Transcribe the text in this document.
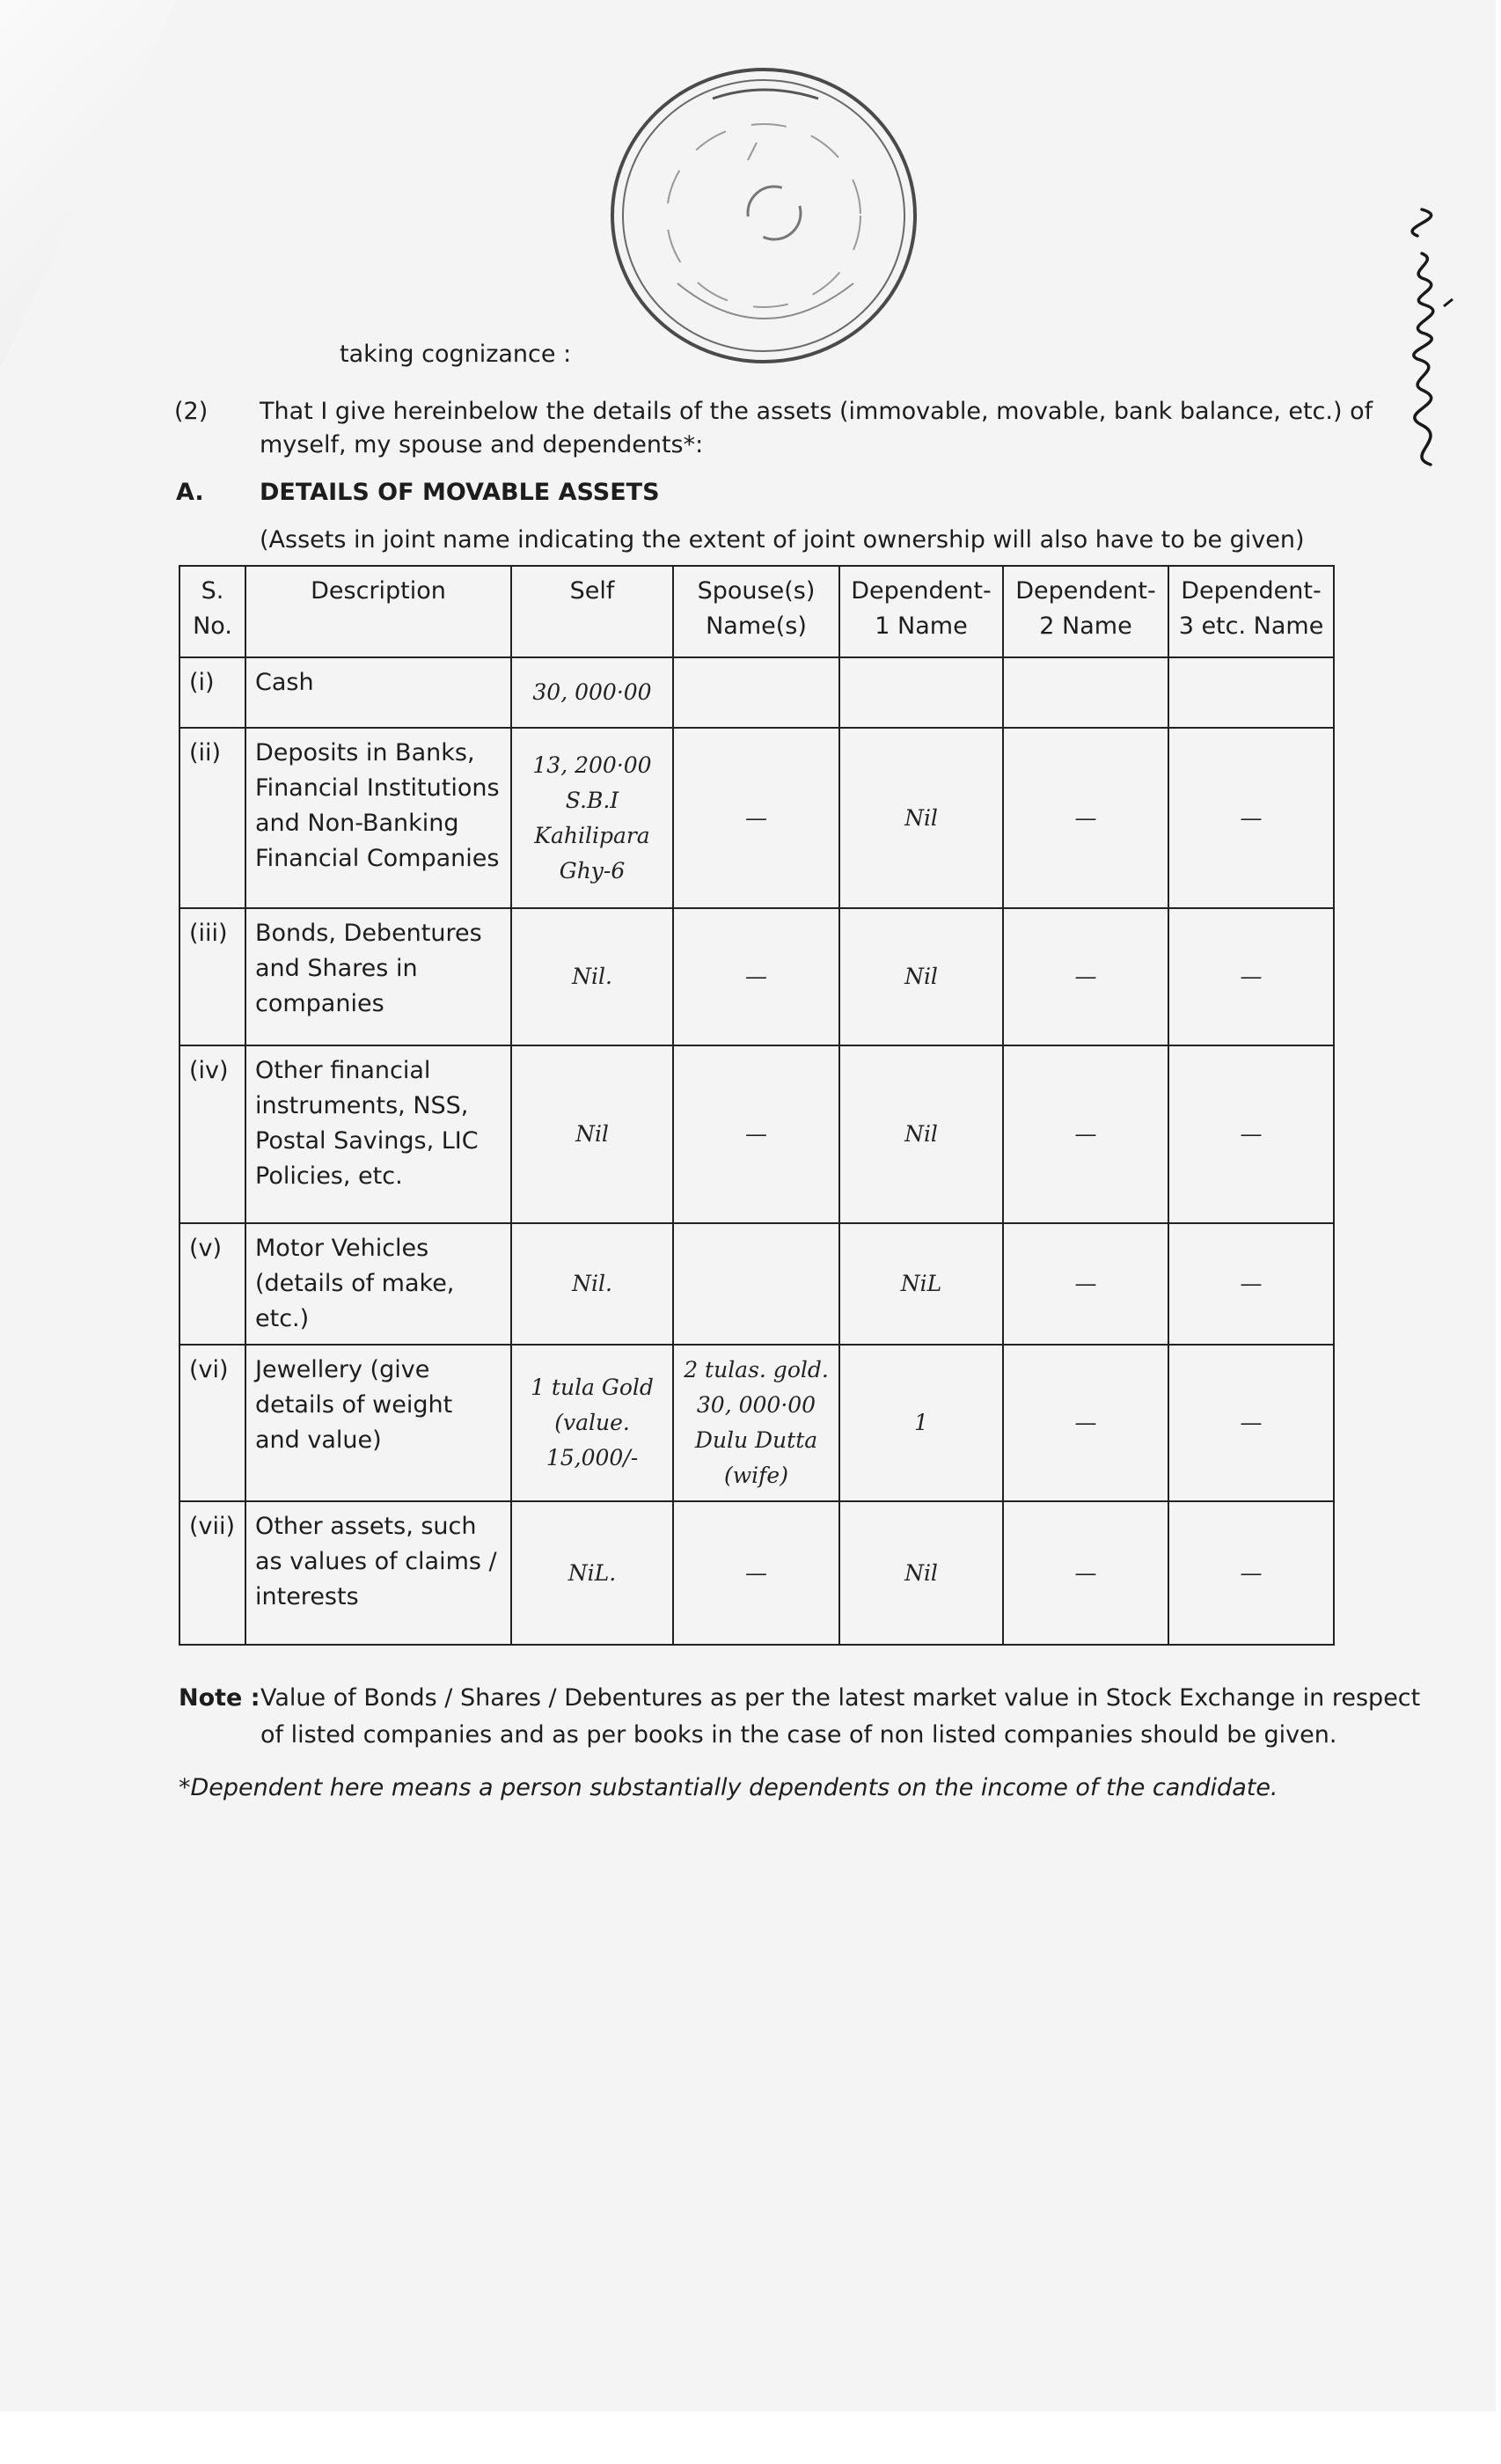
taking cognizance :
(2) That I give hereinbelow the details of the assets (immovable, movable, bank balance, etc.) of
myself, my spouse and dependents*:
A. DETAILS OF MOVABLE ASSETS
(Assets in joint name indicating the extent of joint ownership will also have to be given)
S. No.	Description	Self	Spouse(s) Name(s)	Dependent-1 Name	Dependent-2 Name	Dependent-3 etc. Name
(i)	Cash	30, 000·00				
(ii)	Deposits in Banks, Financial Institutions and Non-Banking Financial Companies	13, 200·00 S.B.I Kahilipara Ghy-6	—	Nil	—	—
(iii)	Bonds, Debentures and Shares in companies	Nil.	—	Nil	—	—
(iv)	Other financial instruments, NSS, Postal Savings, LIC Policies, etc.	Nil	—	Nil	—	—
(v)	Motor Vehicles (details of make, etc.)	Nil.		NiL	—	—
(vi)	Jewellery (give details of weight and value)	1 tula Gold (value. 15,000/-	2 tulas. gold. 30, 000·00 Dulu Dutta (wife)	1	—	—
(vii)	Other assets, such as values of claims / interests	NiL.	—	Nil	—	—
Note : Value of Bonds / Shares / Debentures as per the latest market value in Stock Exchange in respect
of listed companies and as per books in the case of non listed companies should be given.
*Dependent here means a person substantially dependents on the income of the candidate.
